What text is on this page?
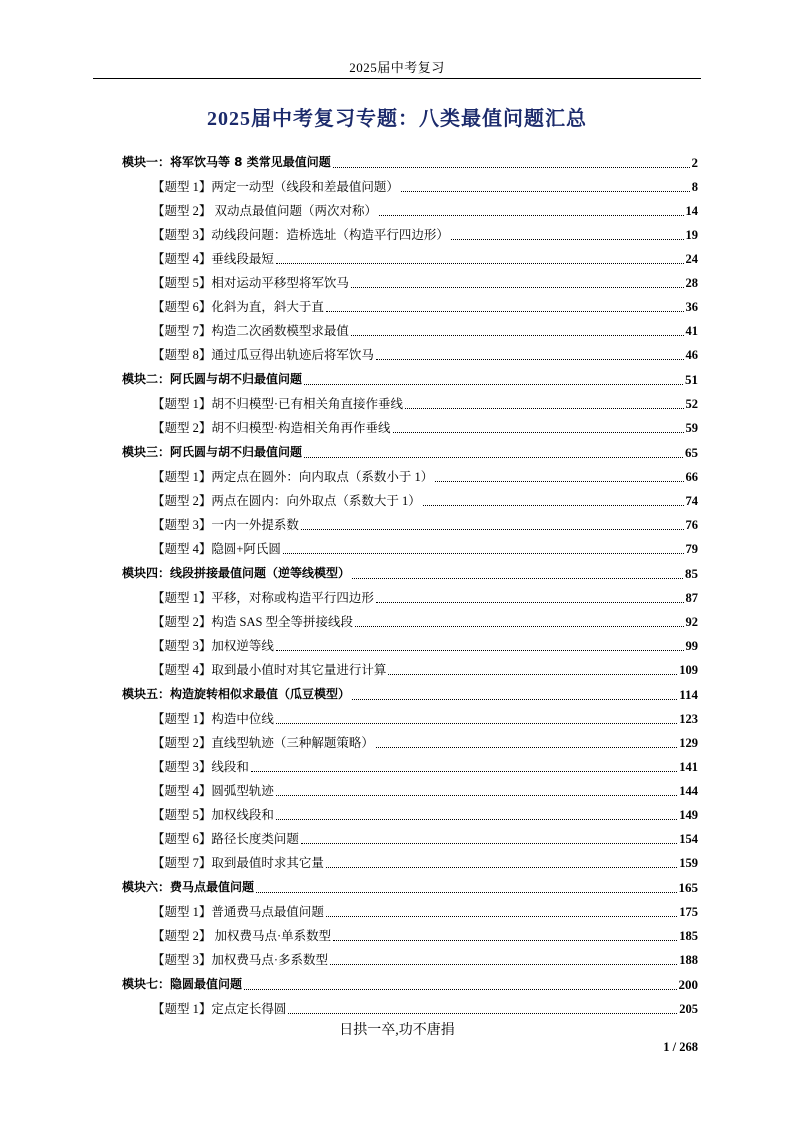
2025届中考复习
2025届中考复习专题：八类最值问题汇总
模块一：将军饮马等 8 类常见最值问题	2
【题型 1】两定一动型（线段和差最值问题）	8
【题型 2】 双动点最值问题（两次对称）	14
【题型 3】动线段问题：造桥选址（构造平行四边形）	19
【题型 4】垂线段最短	24
【题型 5】相对运动平移型将军饮马	28
【题型 6】化斜为直，斜大于直	36
【题型 7】构造二次函数模型求最值	41
【题型 8】通过瓜豆得出轨迹后将军饮马	46
模块二：阿氏圆与胡不归最值问题	51
【题型 1】胡不归模型·已有相关角直接作垂线	52
【题型 2】胡不归模型·构造相关角再作垂线	59
模块三：阿氏圆与胡不归最值问题	65
【题型 1】两定点在圆外：向内取点（系数小于 1）	66
【题型 2】两点在圆内：向外取点（系数大于 1）	74
【题型 3】一内一外提系数	76
【题型 4】隐圆+阿氏圆	79
模块四：线段拼接最值问题（逆等线模型）	85
【题型 1】平移，对称或构造平行四边形	87
【题型 2】构造 SAS 型全等拼接线段	92
【题型 3】加权逆等线	99
【题型 4】取到最小值时对其它量进行计算	109
模块五：构造旋转相似求最值（瓜豆模型）	114
【题型 1】构造中位线	123
【题型 2】直线型轨迹（三种解题策略）	129
【题型 3】线段和	141
【题型 4】圆弧型轨迹	144
【题型 5】加权线段和	149
【题型 6】路径长度类问题	154
【题型 7】取到最值时求其它量	159
模块六：费马点最值问题	165
【题型 1】普通费马点最值问题	175
【题型 2】 加权费马点·单系数型	185
【题型 3】加权费马点·多系数型	188
模块七：隐圆最值问题	200
【题型 1】定点定长得圆	205
日拱一卒,功不唐捐
1 / 268
